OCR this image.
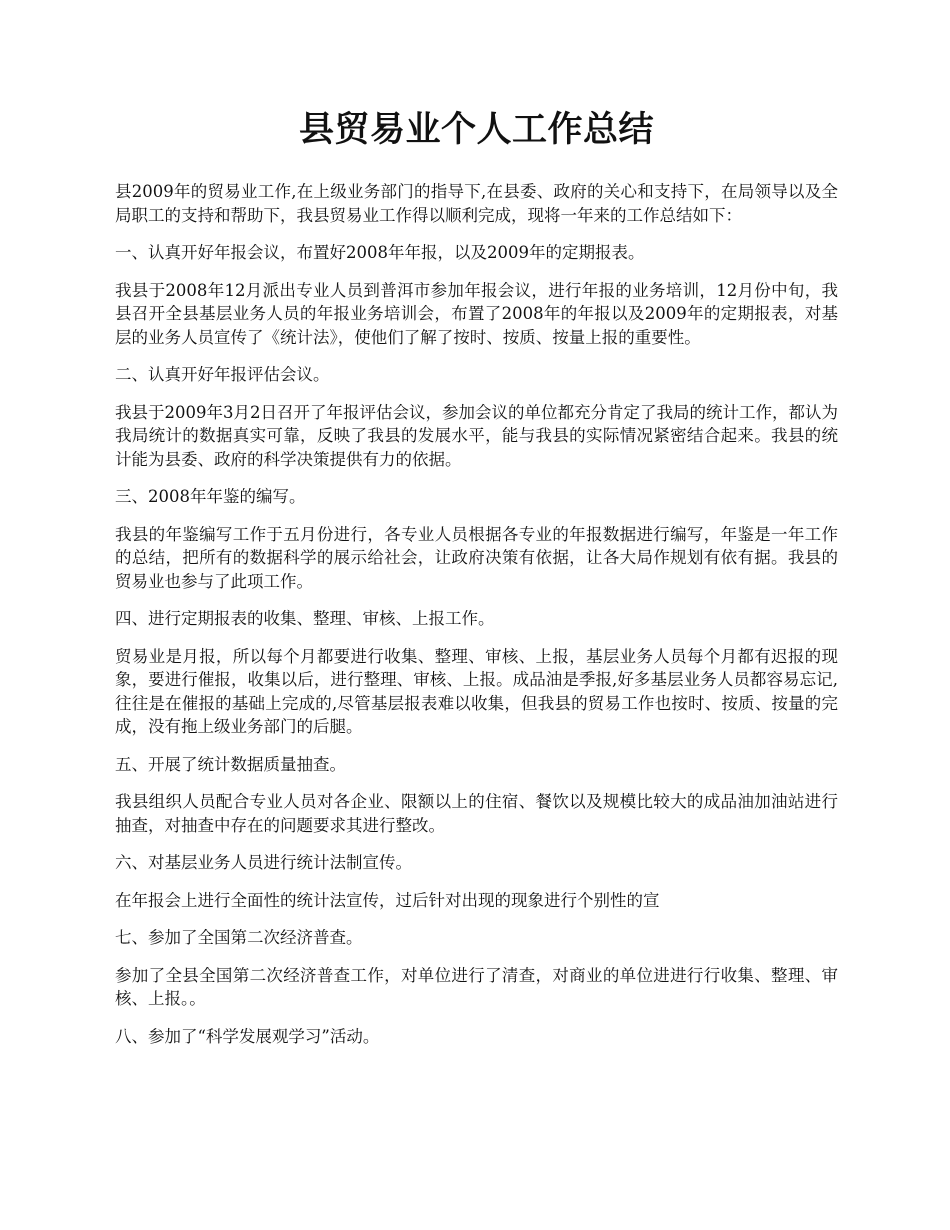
县贸易业个人工作总结

县2009年的贸易业工作,在上级业务部门的指导下,在县委、政府的关心和支持下，在局领导以及全局职工的支持和帮助下，我县贸易业工作得以顺利完成，现将一年来的工作总结如下：

一、认真开好年报会议，布置好2008年年报，以及2009年的定期报表。

我县于2008年12月派出专业人员到普洱市参加年报会议，进行年报的业务培训，12月份中旬，我县召开全县基层业务人员的年报业务培训会，布置了2008年的年报以及2009年的定期报表，对基层的业务人员宣传了《统计法》，使他们了解了按时、按质、按量上报的重要性。

二、认真开好年报评估会议。

我县于2009年3月2日召开了年报评估会议，参加会议的单位都充分肯定了我局的统计工作，都认为我局统计的数据真实可靠，反映了我县的发展水平，能与我县的实际情况紧密结合起来。我县的统计能为县委、政府的科学决策提供有力的依据。

三、2008年年鉴的编写。

我县的年鉴编写工作于五月份进行，各专业人员根据各专业的年报数据进行编写，年鉴是一年工作的总结，把所有的数据科学的展示给社会，让政府决策有依据，让各大局作规划有依有据。我县的贸易业也参与了此项工作。

四、进行定期报表的收集、整理、审核、上报工作。

贸易业是月报，所以每个月都要进行收集、整理、审核、上报，基层业务人员每个月都有迟报的现象，要进行催报，收集以后，进行整理、审核、上报。成品油是季报,好多基层业务人员都容易忘记,往往是在催报的基础上完成的,尽管基层报表难以收集，但我县的贸易工作也按时、按质、按量的完成，没有拖上级业务部门的后腿。

五、开展了统计数据质量抽查。

我县组织人员配合专业人员对各企业、限额以上的住宿、餐饮以及规模比较大的成品油加油站进行抽查，对抽查中存在的问题要求其进行整改。

六、对基层业务人员进行统计法制宣传。

在年报会上进行全面性的统计法宣传，过后针对出现的现象进行个别性的宣

七、参加了全国第二次经济普查。

参加了全县全国第二次经济普查工作，对单位进行了清查，对商业的单位进进行行收集、整理、审核、上报。。

八、参加了“科学发展观学习”活动。
